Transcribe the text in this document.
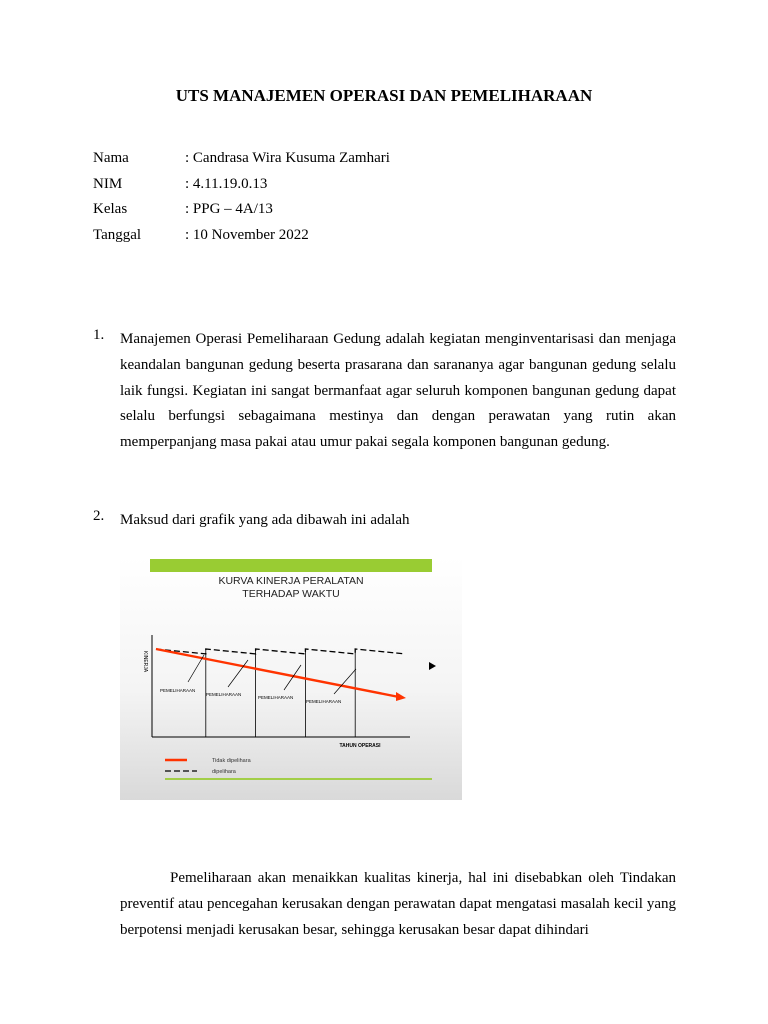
UTS MANAJEMEN OPERASI DAN PEMELIHARAAN
Nama	: Candrasa Wira Kusuma Zamhari
NIM	: 4.11.19.0.13
Kelas	: PPG – 4A/13
Tanggal	: 10 November 2022
1.	Manajemen Operasi Pemeliharaan Gedung adalah kegiatan menginventarisasi dan menjaga keandalan bangunan gedung beserta prasarana dan sarananya agar bangunan gedung selalu laik fungsi. Kegiatan ini sangat bermanfaat agar seluruh komponen bangunan gedung dapat selalu berfungsi sebagaimana mestinya dan dengan perawatan yang rutin akan memperpanjang masa pakai atau umur pakai segala komponen bangunan gedung.
2.	Maksud dari grafik yang ada dibawah ini adalah
KURVA KINERJA PERALATAN
TERHADAP WAKTU
KINERJA
TAHUN OPERASI
PEMELIHARAAN
PEMELIHARAAN
PEMELIHARAAN
PEMELIHARAAN
Tidak dipelihara
dipelihara
Pemeliharaan akan menaikkan kualitas kinerja, hal ini disebabkan oleh Tindakan preventif atau pencegahan kerusakan dengan perawatan dapat mengatasi masalah kecil yang berpotensi menjadi kerusakan besar, sehingga kerusakan besar dapat dihindari
